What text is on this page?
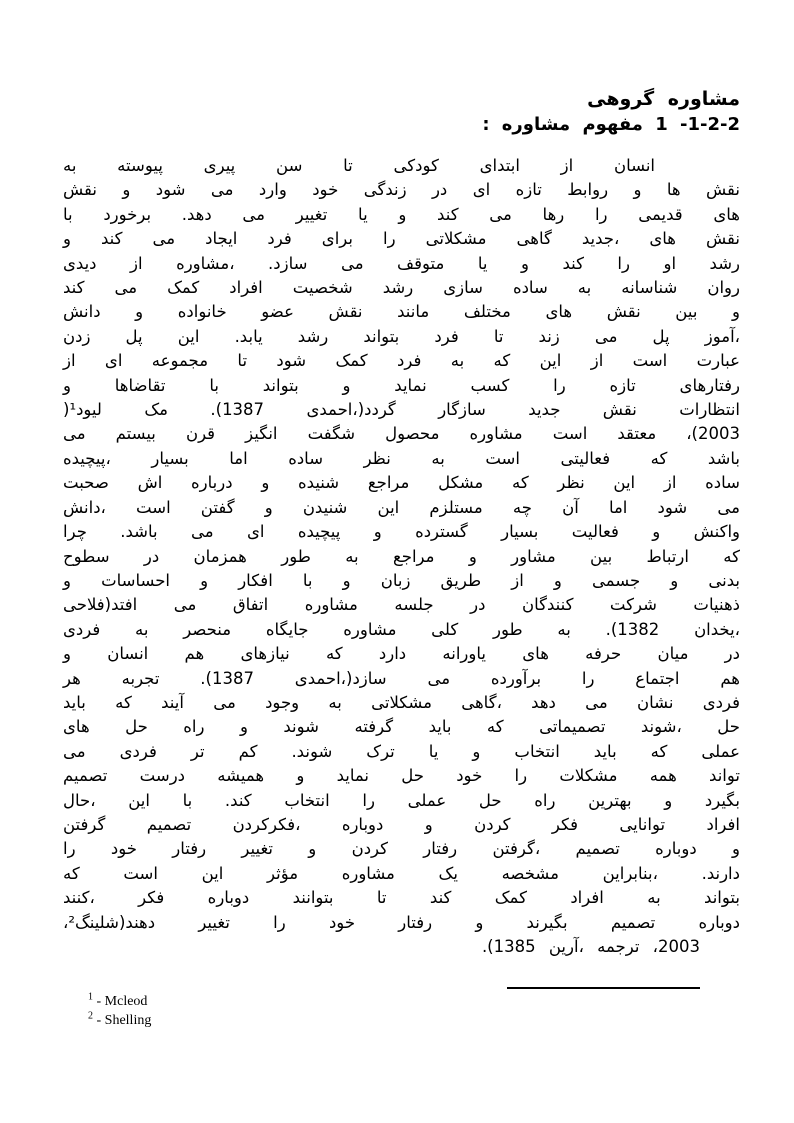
مشاوره گروهی
1-2-2- 1 مفهوم مشاوره :
انسان از ابتدای کودکی تا سن پیری پیوسته به
نقش ها و روابط تازه ای در زندگی خود وارد می شود و نقش
های قدیمی را رها می کند و یا تغییر می دهد. برخورد با
نقش های ،جدید گاهی مشکلاتی را برای فرد ایجاد می کند و
رشد او را کند و یا متوقف می سازد. ،مشاوره از دیدی
روان شناسانه به ساده سازی رشد شخصیت افراد کمک می کند
و بین نقش های مختلف مانند نقش عضو خانواده و دانش
،آموز پل می زند تا فرد بتواند رشد یابد. این پل زدن
عبارت است از این که به فرد کمک شود تا مجموعه ای از
رفتارهای تازه را کسب نماید و بتواند با تقاضاها و
انتظارات نقش جدید سازگار گردد(،احمدی 1387). مک لیود¹(
2003)، معتقد است مشاوره محصول شگفت انگیز قرن بیستم می
باشد که فعالیتی است به نظر ساده اما بسیار ،پیچیده
ساده از این نظر که مشکل مراجع شنیده و درباره اش صحبت
می شود اما آن چه مستلزم این شنیدن و گفتن است ،دانش
واکنش و فعالیت بسیار گسترده و پیچیده ای می باشد. چرا
که ارتباط بین مشاور و مراجع به طور همزمان در سطوح
بدنی و جسمی و از طریق زبان و با افکار و احساسات و
ذهنیات شرکت کنندگان در جلسه مشاوره اتفاق می افتد(فلاحی
،یخدان 1382). به طور کلی مشاوره جایگاه منحصر به فردی
در میان حرفه های یاورانه دارد که نیازهای هم انسان و
هم اجتماع را برآورده می سازد(،احمدی 1387). تجربه هر
فردی نشان می دهد ،گاهی مشکلاتی به وجود می آیند که باید
حل ،شوند تصمیماتی که باید گرفته شوند و راه حل های
عملی که باید انتخاب و یا ترک شوند. کم تر فردی می
تواند همه مشکلات را خود حل نماید و همیشه درست تصمیم
بگیرد و بهترین راه حل عملی را انتخاب کند. با این ،حال
افراد توانایی فکر کردن و دوباره ،فکرکردن تصمیم گرفتن
و دوباره تصمیم ،گرفتن رفتار کردن و تغییر رفتار خود را
دارند. ،بنابراین مشخصه یک مشاوره مؤثر این است که
بتواند به افراد کمک کند تا بتوانند دوباره فکر ،کنند
دوباره تصمیم بگیرند و رفتار خود را تغییر دهند(شلینگ²،
2003، ترجمه ،آرین 1385).
$^1$ - Mcleod
$^2$ - Shelling
